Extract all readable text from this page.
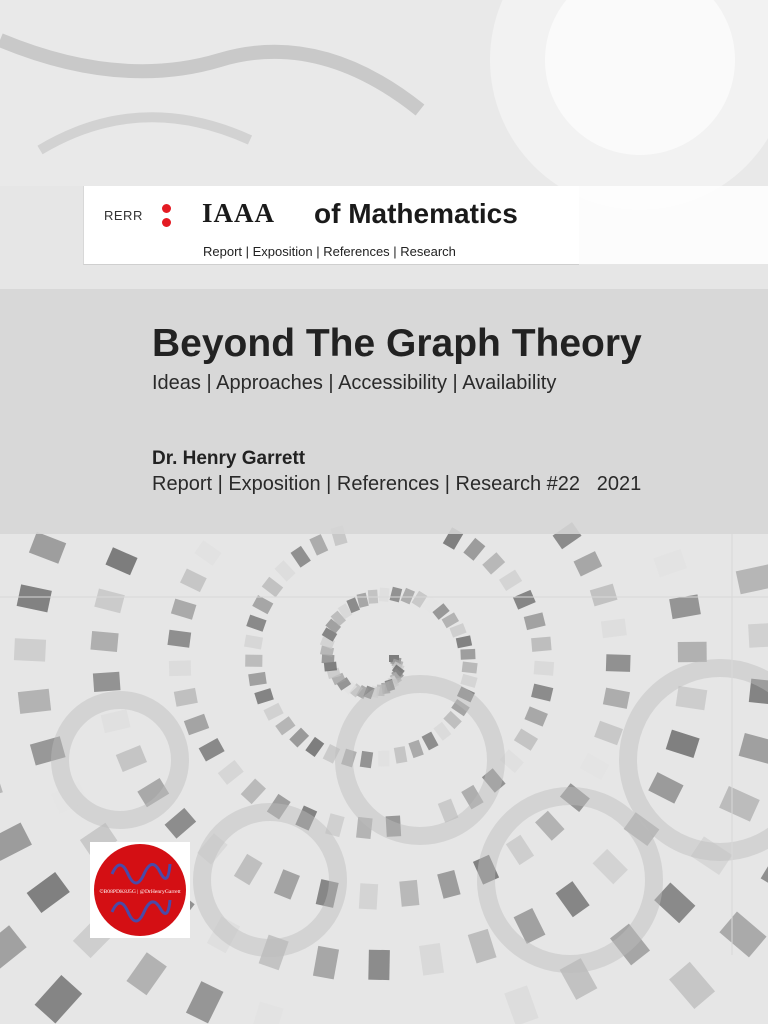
RERR IAAA of Mathematics
Report | Exposition | References | Research
Beyond The Graph Theory
Ideas | Approaches | Accessibility | Availability
Dr. Henry Garrett
Report | Exposition | References | Research #22 2021
©B08PDK8J5G | @DrHenryGarrett
